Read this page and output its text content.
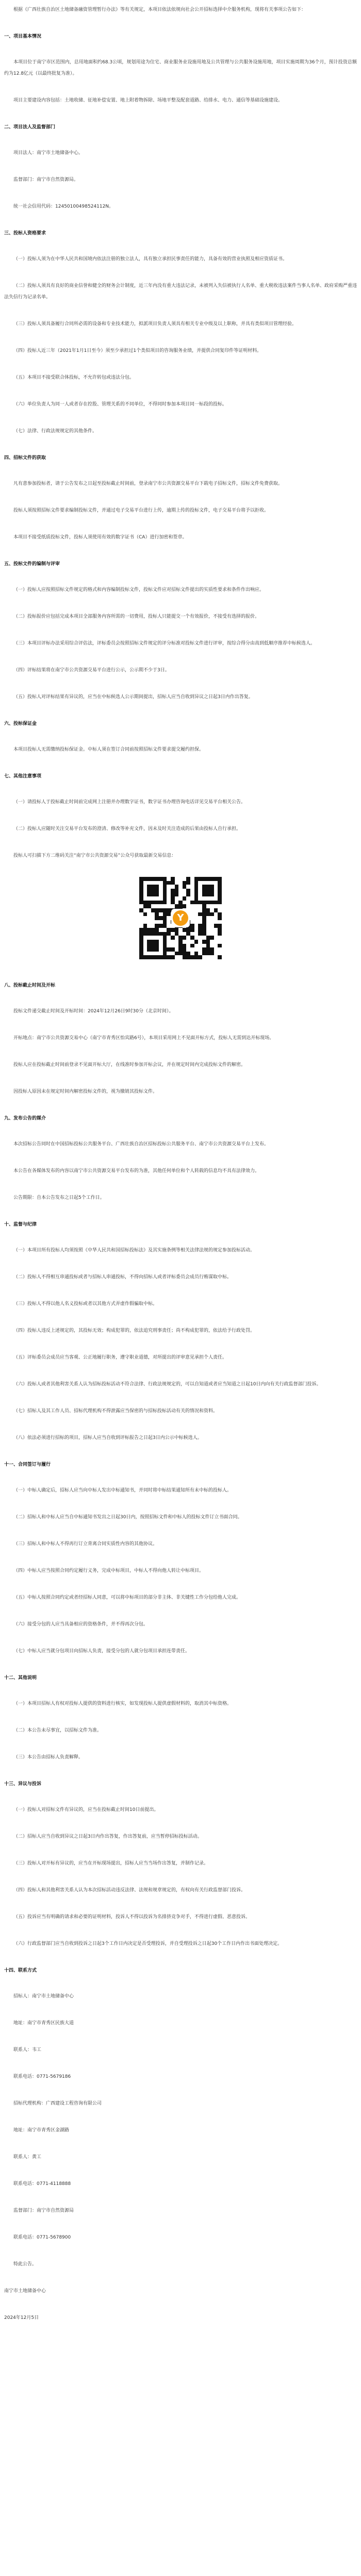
根据《广西壮族自治区土地储备融资管理暂行办法》等有关规定，本项目依法依规向社会公开招标选择中介服务机构，现将有关事项公告如下：
一、项目基本情况
本项目位于南宁市区范围内，总用地面积约68.3公顷，规划用途为住宅、商业服务业设施用地及公共管理与公共服务设施用地，项目实施周期为36个月，预计投资总额约为12.8亿元（以最终批复为准）。
项目主要建设内容包括：土地收储、征地补偿安置、地上附着物拆除、场地平整及配套道路、给排水、电力、通信等基础设施建设。
二、项目法人及监督部门
项目法人：南宁市土地储备中心。
监督部门：南宁市自然资源局。
统一社会信用代码：12450100498524112N。
三、投标人资格要求
（一）投标人须为在中华人民共和国境内依法注册的独立法人，具有独立承担民事责任的能力，具备有效的营业执照及相应资质证书。
（二）投标人须具有良好的商业信誉和健全的财务会计制度，近三年内没有重大违法记录，未被列入失信被执行人名单、重大税收违法案件当事人名单、政府采购严重违法失信行为记录名单。
（三）投标人须具备履行合同所必需的设备和专业技术能力，拟派项目负责人须具有相关专业中级及以上职称，并具有类似项目管理经验。
（四）投标人近三年（2021年1月1日至今）须至少承担过1个类似项目的咨询服务业绩，并提供合同复印件等证明材料。
（五）本项目不接受联合体投标，不允许转包或违法分包。
（六）单位负责人为同一人或者存在控股、管理关系的不同单位，不得同时参加本项目同一标段的投标。
（七）法律、行政法规规定的其他条件。
四、招标文件的获取
凡有意参加投标者，请于公告发布之日起至投标截止时间前，登录南宁市公共资源交易平台下载电子招标文件，招标文件免费获取。
投标人须按照招标文件要求编制投标文件，并通过电子交易平台进行上传，逾期上传的投标文件，电子交易平台将予以拒收。
本项目不接受纸质投标文件，投标人须使用有效的数字证书（CA）进行加密和签章。
五、投标文件的编制与评审
（一）投标人应按照招标文件规定的格式和内容编制投标文件，投标文件应对招标文件提出的实质性要求和条件作出响应。
（二）投标报价应包括完成本项目全部服务内容所需的一切费用，投标人只能提交一个有效报价，不接受有选择的报价。
（三）本项目评标办法采用综合评估法，评标委员会按照招标文件规定的评分标准对投标文件进行评审，按综合得分由高到低顺序推荐中标候选人。
（四）评标结果将在南宁市公共资源交易平台进行公示，公示期不少于3日。
（五）投标人对评标结果有异议的，应当在中标候选人公示期间提出，招标人应当自收到异议之日起3日内作出答复。
六、投标保证金
本项目投标人无需缴纳投标保证金。中标人须在签订合同前按照招标文件要求提交履约担保。
七、其他注意事项
（一）请投标人于投标截止时间前完成网上注册并办理数字证书，数字证书办理咨询电话详见交易平台相关公告。
（二）投标人应随时关注交易平台发布的澄清、修改等补充文件，因未及时关注造成的后果由投标人自行承担。
投标人可扫描下方二维码关注“南宁市公共资源交易”公众号获取最新交易信息：
Y
八、投标截止时间及开标
投标文件递交截止时间及开标时间：2024年12月26日9时30分（北京时间）。
开标地点：南宁市公共资源交易中心（南宁市青秀区怡宾路6号），本项目采用网上不见面开标方式，投标人无需到达开标现场。
投标人应在投标截止时间前登录不见面开标大厅，在线准时参加开标会议，并在规定时间内完成投标文件的解密。
因投标人原因未在规定时间内解密投标文件的，视为撤销其投标文件。
九、发布公告的媒介
本次招标公告同时在中国招标投标公共服务平台、广西壮族自治区招标投标公共服务平台、南宁市公共资源交易平台上发布。
本公告在各媒体发布的内容以南宁市公共资源交易平台发布的为准，其他任何单位和个人转载的信息均不具有法律效力。
公告期限：自本公告发布之日起5个工作日。
十、监督与纪律
（一）本项目所有投标人均须按照《中华人民共和国招标投标法》及其实施条例等相关法律法规的规定参加投标活动。
（二）投标人不得相互串通投标或者与招标人串通投标，不得向招标人或者评标委员会成员行贿谋取中标。
（三）投标人不得以他人名义投标或者以其他方式弄虚作假骗取中标。
（四）投标人违反上述规定的，其投标无效；构成犯罪的，依法追究刑事责任；尚不构成犯罪的，依法给予行政处罚。
（五）评标委员会成员应当客观、公正地履行职务，遵守职业道德，对所提出的评审意见承担个人责任。
（六）投标人或者其他利害关系人认为招标投标活动不符合法律、行政法规规定的，可以自知道或者应当知道之日起10日内向有关行政监督部门投诉。
（七）招标人及其工作人员、招标代理机构不得泄露应当保密的与招标投标活动有关的情况和资料。
（八）依法必须进行招标的项目，招标人应当自收到评标报告之日起3日内公示中标候选人。
十一、合同签订与履行
（一）中标人确定后，招标人应当向中标人发出中标通知书，并同时将中标结果通知所有未中标的投标人。
（二）招标人和中标人应当自中标通知书发出之日起30日内，按照招标文件和中标人的投标文件订立书面合同。
（三）招标人和中标人不得再行订立背离合同实质性内容的其他协议。
（四）中标人应当按照合同约定履行义务，完成中标项目，中标人不得向他人转让中标项目。
（五）中标人按照合同约定或者经招标人同意，可以将中标项目的部分非主体、非关键性工作分包给他人完成。
（六）接受分包的人应当具备相应的资格条件，并不得再次分包。
（七）中标人应当就分包项目向招标人负责，接受分包的人就分包项目承担连带责任。
十二、其他说明
（一）本项目招标人有权对投标人提供的资料进行核实，如发现投标人提供虚假材料的，取消其中标资格。
（二）本公告未尽事宜，以招标文件为准。
（三）本公告由招标人负责解释。
十三、异议与投诉
（一）投标人对招标文件有异议的，应当在投标截止时间10日前提出。
（二）招标人应当自收到异议之日起3日内作出答复，作出答复前，应当暂停招标投标活动。
（三）投标人对开标有异议的，应当在开标现场提出，招标人应当当场作出答复，并制作记录。
（四）投标人和其他利害关系人认为本次招标活动违反法律、法规和规章规定的，有权向有关行政监督部门投诉。
（五）投诉应当有明确的请求和必要的证明材料，投诉人不得以投诉为名排挤竞争对手，不得进行虚假、恶意投诉。
（六）行政监督部门应当自收到投诉之日起3个工作日内决定是否受理投诉，并自受理投诉之日起30个工作日内作出书面处理决定。
十四、联系方式
招标人：南宁市土地储备中心
地址：南宁市青秀区民族大道
联系人：韦工
联系电话：0771-5679186
招标代理机构：广西建设工程咨询有限公司
地址：南宁市青秀区金湖路
联系人：黄工
联系电话：0771-4118888
监督部门：南宁市自然资源局
联系电话：0771-5678900
特此公告。
南宁市土地储备中心
2024年12月5日
